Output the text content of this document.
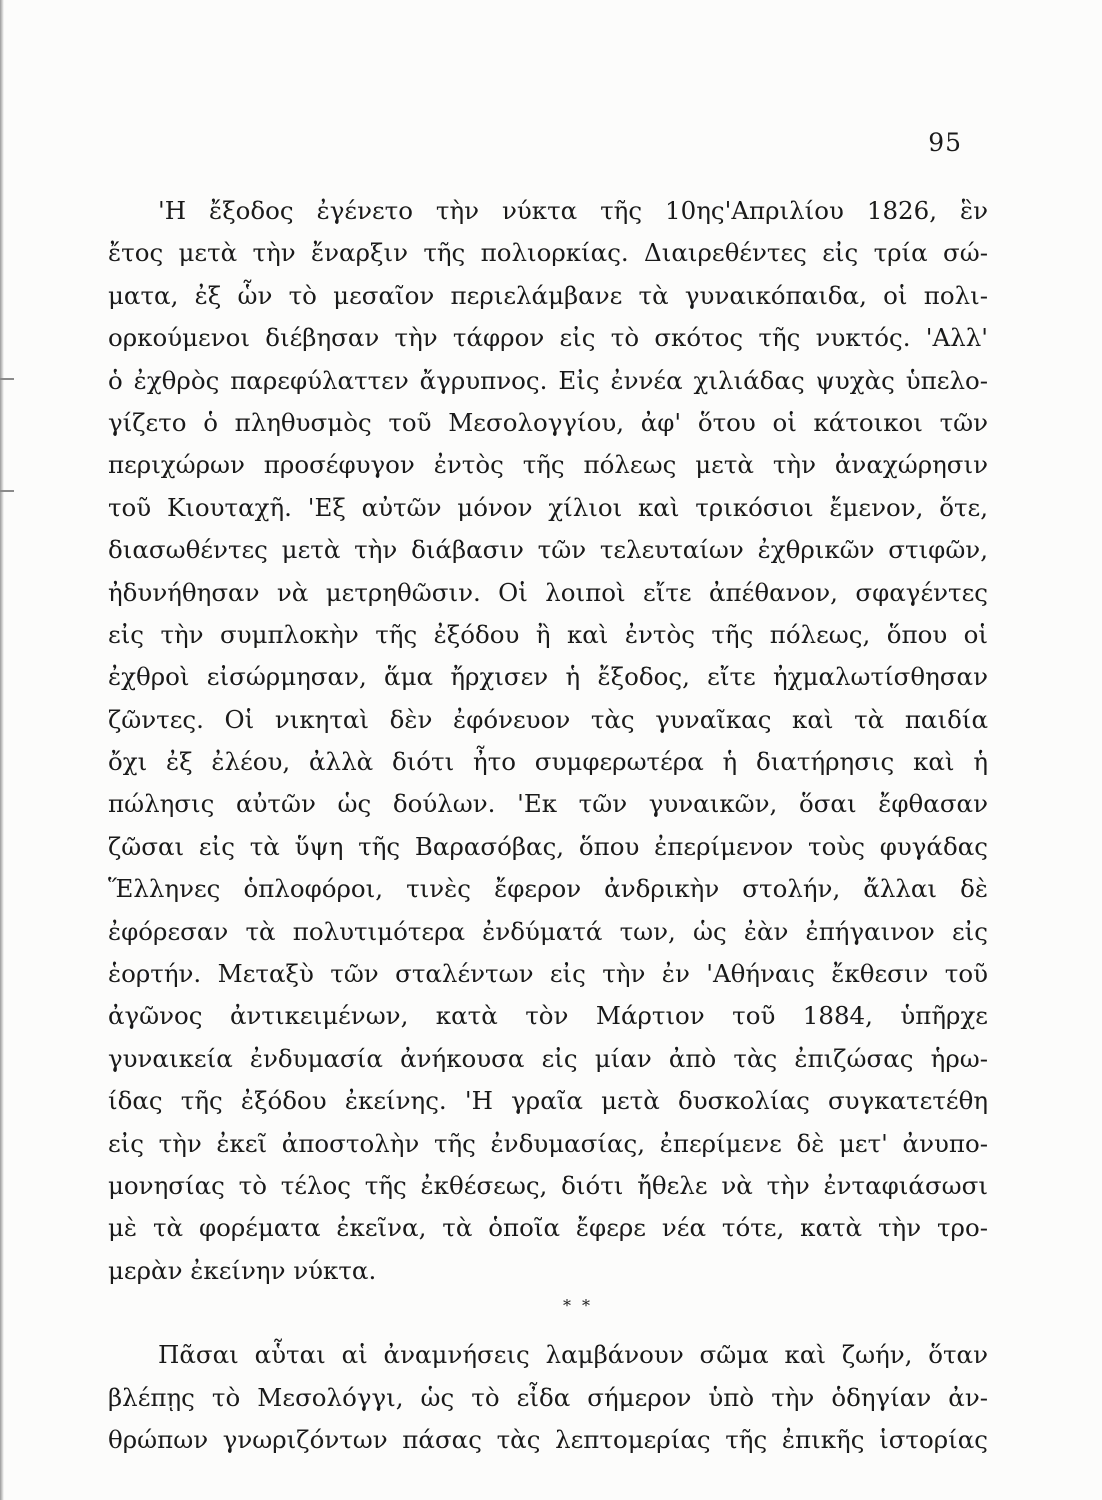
95
'Η ἔξοδος ἐγένετο τὴν νύκτα τῆς 10ης'Απριλίου 1826, ἓν
ἔτος μετὰ τὴν ἔναρξιν τῆς πολιορκίας. Διαιρεθέντες εἰς τρία σώ-
ματα, ἐξ ὧν τὸ μεσαῖον περιελάμβανε τὰ γυναικόπαιδα, οἱ πολι-
ορκούμενοι διέβησαν τὴν τάφρον εἰς τὸ σκότος τῆς νυκτός. 'Αλλ'
ὁ ἐχθρὸς παρεφύλαττεν ἄγρυπνος. Εἰς ἐννέα χιλιάδας ψυχὰς ὑπελο-
γίζετο ὁ πληθυσμὸς τοῦ Μεσολογγίου, ἀφ' ὅτου οἱ κάτοικοι τῶν
περιχώρων προσέφυγον ἐντὸς τῆς πόλεως μετὰ τὴν ἀναχώρησιν
τοῦ Κιουταχῆ. 'Εξ αὐτῶν μόνον χίλιοι καὶ τρικόσιοι ἔμενον, ὅτε,
διασωθέντες μετὰ τὴν διάβασιν τῶν τελευταίων ἐχθρικῶν στιφῶν,
ἠδυνήθησαν νὰ μετρηθῶσιν. Οἱ λοιποὶ εἴτε ἀπέθανον, σφαγέντες
εἰς τὴν συμπλοκὴν τῆς ἐξόδου ἢ καὶ ἐντὸς τῆς πόλεως, ὅπου οἱ
ἐχθροὶ εἰσώρμησαν, ἅμα ἤρχισεν ἡ ἔξοδος, εἴτε ἠχμαλωτίσθησαν
ζῶντες. Οἱ νικηταὶ δὲν ἐφόνευον τὰς γυναῖκας καὶ τὰ παιδία
ὄχι ἐξ ἐλέου, ἀλλὰ διότι ἦτο συμφερωτέρα ἡ διατήρησις καὶ ἡ
πώλησις αὐτῶν ὡς δούλων. 'Εκ τῶν γυναικῶν, ὅσαι ἔφθασαν
ζῶσαι εἰς τὰ ὕψη τῆς Βαρασόβας, ὅπου ἐπερίμενον τοὺς φυγάδας
Ἕλληνες ὁπλοφόροι, τινὲς ἔφερον ἀνδρικὴν στολήν, ἄλλαι δὲ
ἐφόρεσαν τὰ πολυτιμότερα ἐνδύματά των, ὡς ἐὰν ἐπήγαινον εἰς
ἑορτήν. Μεταξὺ τῶν σταλέντων εἰς τὴν ἐν 'Αθήναις ἔκθεσιν τοῦ
ἀγῶνος ἀντικειμένων, κατὰ τὸν Μάρτιον τοῦ 1884, ὑπῆρχε
γυναικεία ἐνδυμασία ἀνήκουσα εἰς μίαν ἀπὸ τὰς ἐπιζώσας ἡρω-
ίδας τῆς ἐξόδου ἐκείνης. 'Η γραῖα μετὰ δυσκολίας συγκατετέθη
εἰς τὴν ἐκεῖ ἀποστολὴν τῆς ἐνδυμασίας, ἐπερίμενε δὲ μετ' ἀνυπο-
μονησίας τὸ τέλος τῆς ἐκθέσεως, διότι ἤθελε νὰ τὴν ἐνταφιάσωσι
μὲ τὰ φορέματα ἐκεῖνα, τὰ ὁποῖα ἔφερε νέα τότε, κατὰ τὴν τρο-
μερὰν ἐκείνην νύκτα.
* *
Πᾶσαι αὗται αἱ ἀναμνήσεις λαμβάνουν σῶμα καὶ ζωήν, ὅταν
βλέπῃς τὸ Μεσολόγγι, ὡς τὸ εἶδα σήμερον ὑπὸ τὴν ὁδηγίαν ἀν-
θρώπων γνωριζόντων πάσας τὰς λεπτομερίας τῆς ἐπικῆς ἱστορίας
